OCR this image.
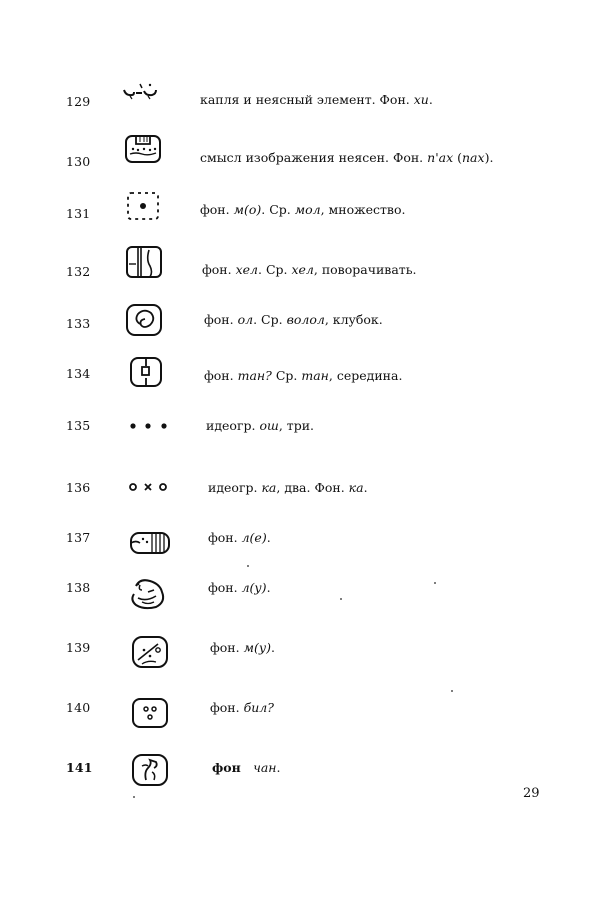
129	капля и неясный элемент. Фон. хи.
130	смысл изображения неясен. Фон. п'ах (пах).
131	фон. м(о). Ср. мол, множество.
132	фон. хел. Ср. хел, поворачивать.
133	фон. ол. Ср. волол, клубок.
134	фон. тан? Ср. тан, середина.
135	идеогр. ош, три.
136	идеогр. ка, два. Фон. ка.
137	фон. л(е).
138	фон. л(у).
139	фон. м(у).
140	фон. бил?
141	фон   чан.
29
